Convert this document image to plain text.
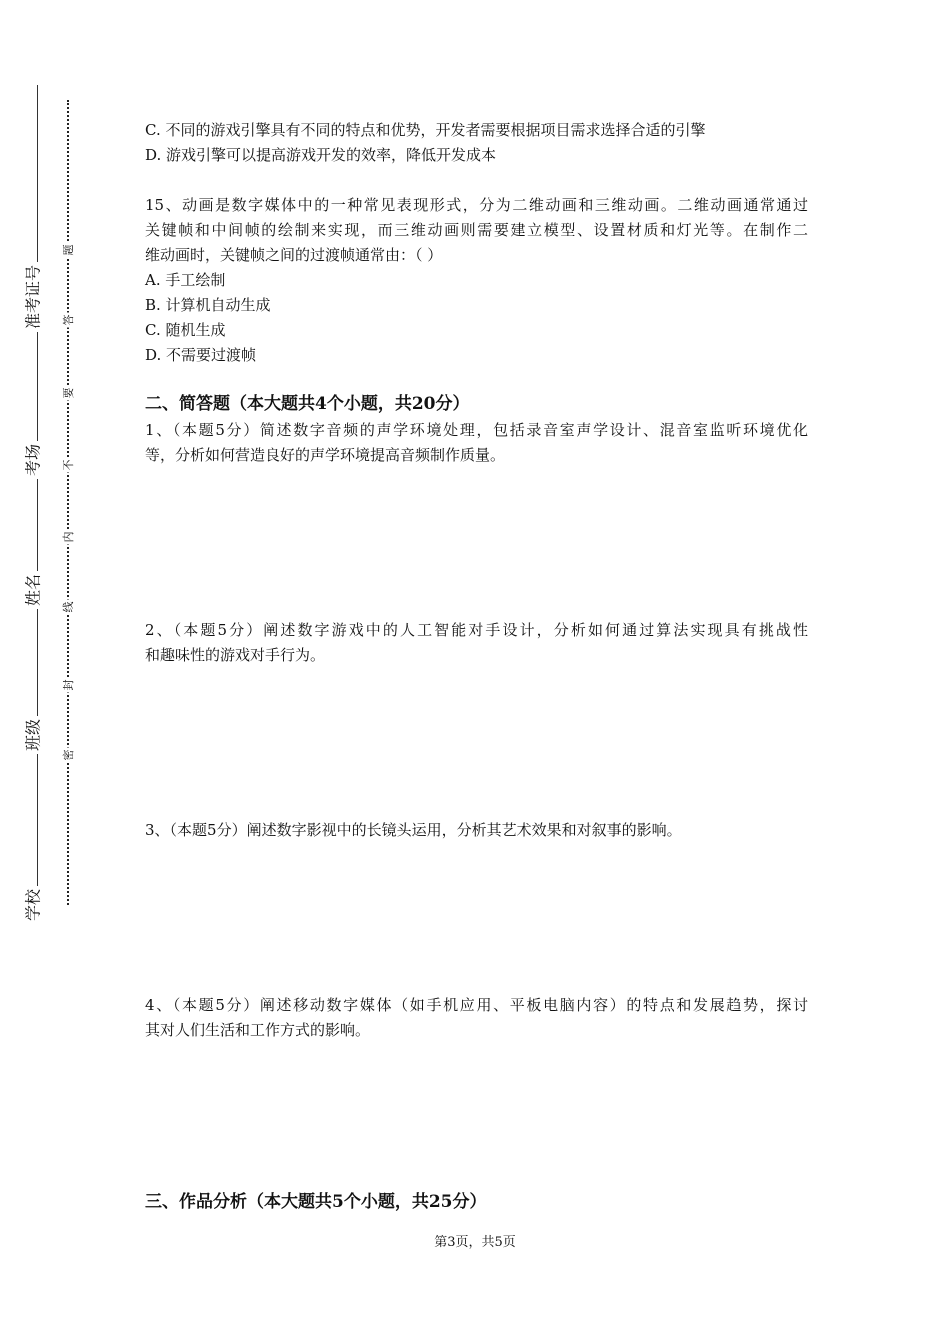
学校
班级
姓名
考场
准考证号
密
封
线
内
不
要
答
题
C. 不同的游戏引擎具有不同的特点和优势，开发者需要根据项目需求选择合适的引擎
D. 游戏引擎可以提高游戏开发的效率，降低开发成本
15、动画是数字媒体中的一种常见表现形式，分为二维动画和三维动画。二维动画通常通过
关键帧和中间帧的绘制来实现，而三维动画则需要建立模型、设置材质和灯光等。在制作二
维动画时，关键帧之间的过渡帧通常由：（ ）
A. 手工绘制
B. 计算机自动生成
C. 随机生成
D. 不需要过渡帧
二、简答题（本大题共4个小题，共20分）
1、（本题5分）简述数字音频的声学环境处理，包括录音室声学设计、混音室监听环境优化
等，分析如何营造良好的声学环境提高音频制作质量。
2、（本题5分）阐述数字游戏中的人工智能对手设计，分析如何通过算法实现具有挑战性
和趣味性的游戏对手行为。
3、（本题5分）阐述数字影视中的长镜头运用，分析其艺术效果和对叙事的影响。
4、（本题5分）阐述移动数字媒体（如手机应用、平板电脑内容）的特点和发展趋势，探讨
其对人们生活和工作方式的影响。
三、作品分析（本大题共5个小题，共25分）
第3页，共5页
